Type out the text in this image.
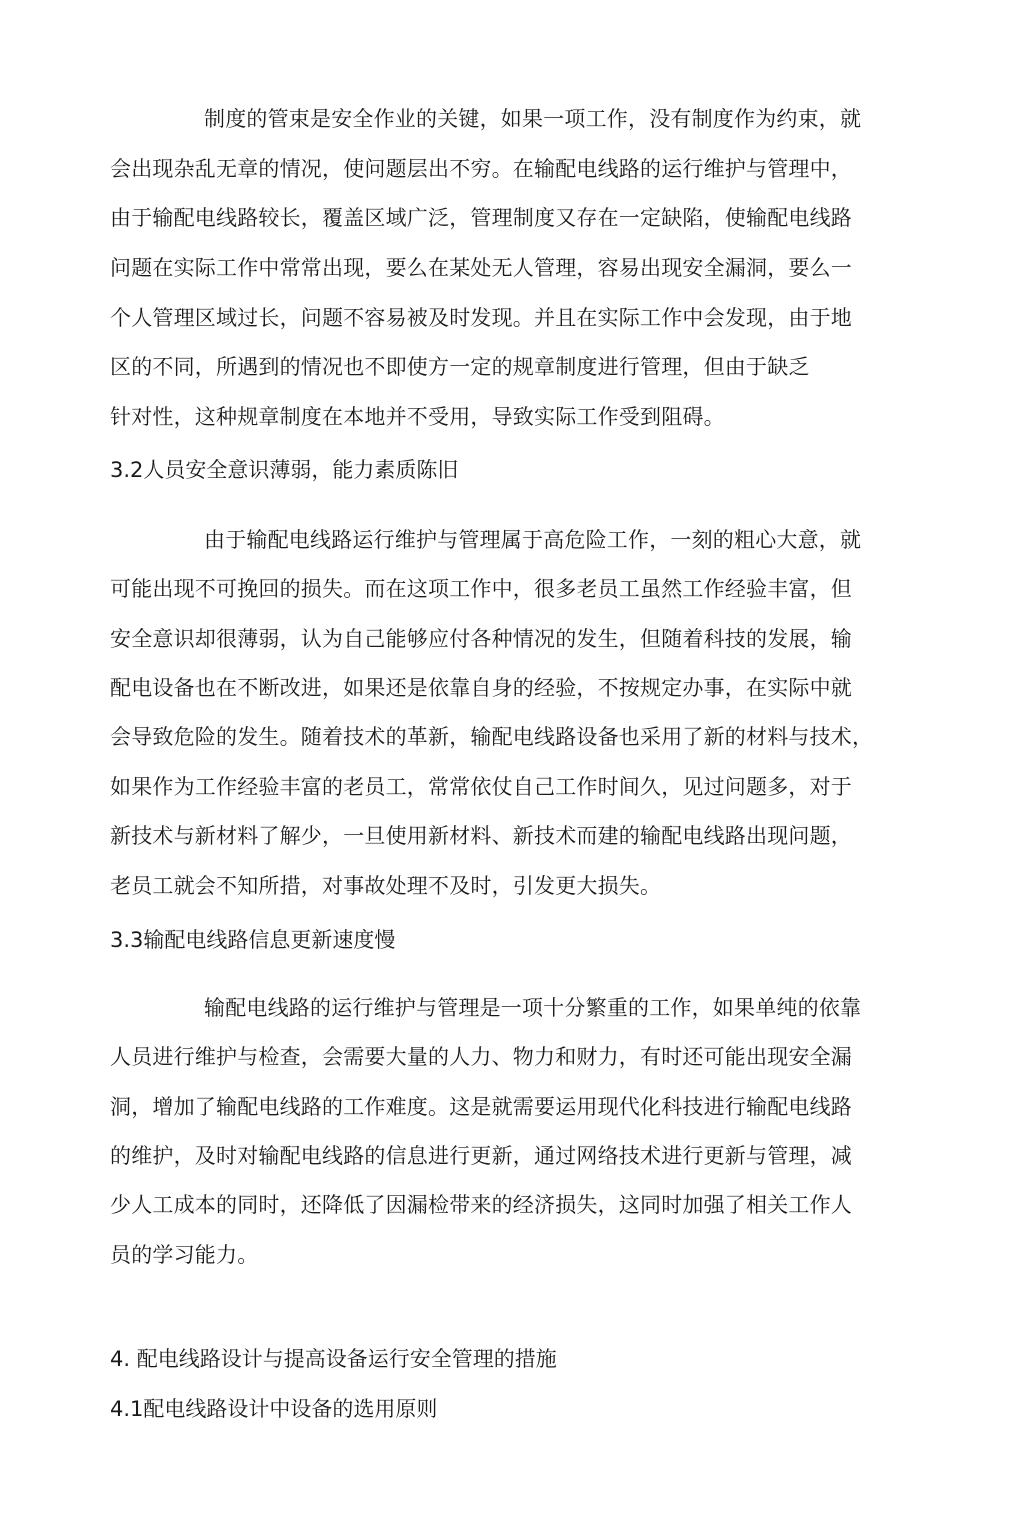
制度的管束是安全作业的关键，如果一项工作，没有制度作为约束，就
会出现杂乱无章的情况，使问题层出不穷。在输配电线路的运行维护与管理中，
由于输配电线路较长，覆盖区域广泛，管理制度又存在一定缺陷，使输配电线路
问题在实际工作中常常出现，要么在某处无人管理，容易出现安全漏洞，要么一
个人管理区域过长，问题不容易被及时发现。并且在实际工作中会发现，由于地
区的不同，所遇到的情况也不即使方一定的规章制度进行管理，但由于缺乏
针对性，这种规章制度在本地并不受用，导致实际工作受到阻碍。
3.2人员安全意识薄弱，能力素质陈旧
由于输配电线路运行维护与管理属于高危险工作，一刻的粗心大意，就
可能出现不可挽回的损失。而在这项工作中，很多老员工虽然工作经验丰富，但
安全意识却很薄弱，认为自己能够应付各种情况的发生，但随着科技的发展，输
配电设备也在不断改进，如果还是依靠自身的经验，不按规定办事，在实际中就
会导致危险的发生。随着技术的革新，输配电线路设备也采用了新的材料与技术，
如果作为工作经验丰富的老员工，常常依仗自己工作时间久，见过问题多，对于
新技术与新材料了解少，一旦使用新材料、新技术而建的输配电线路出现问题，
老员工就会不知所措，对事故处理不及时，引发更大损失。
3.3输配电线路信息更新速度慢
输配电线路的运行维护与管理是一项十分繁重的工作，如果单纯的依靠
人员进行维护与检查，会需要大量的人力、物力和财力，有时还可能出现安全漏
洞，增加了输配电线路的工作难度。这是就需要运用现代化科技进行输配电线路
的维护，及时对输配电线路的信息进行更新，通过网络技术进行更新与管理，减
少人工成本的同时，还降低了因漏检带来的经济损失，这同时加强了相关工作人
员的学习能力。
4. 配电线路设计与提高设备运行安全管理的措施
4.1配电线路设计中设备的选用原则
